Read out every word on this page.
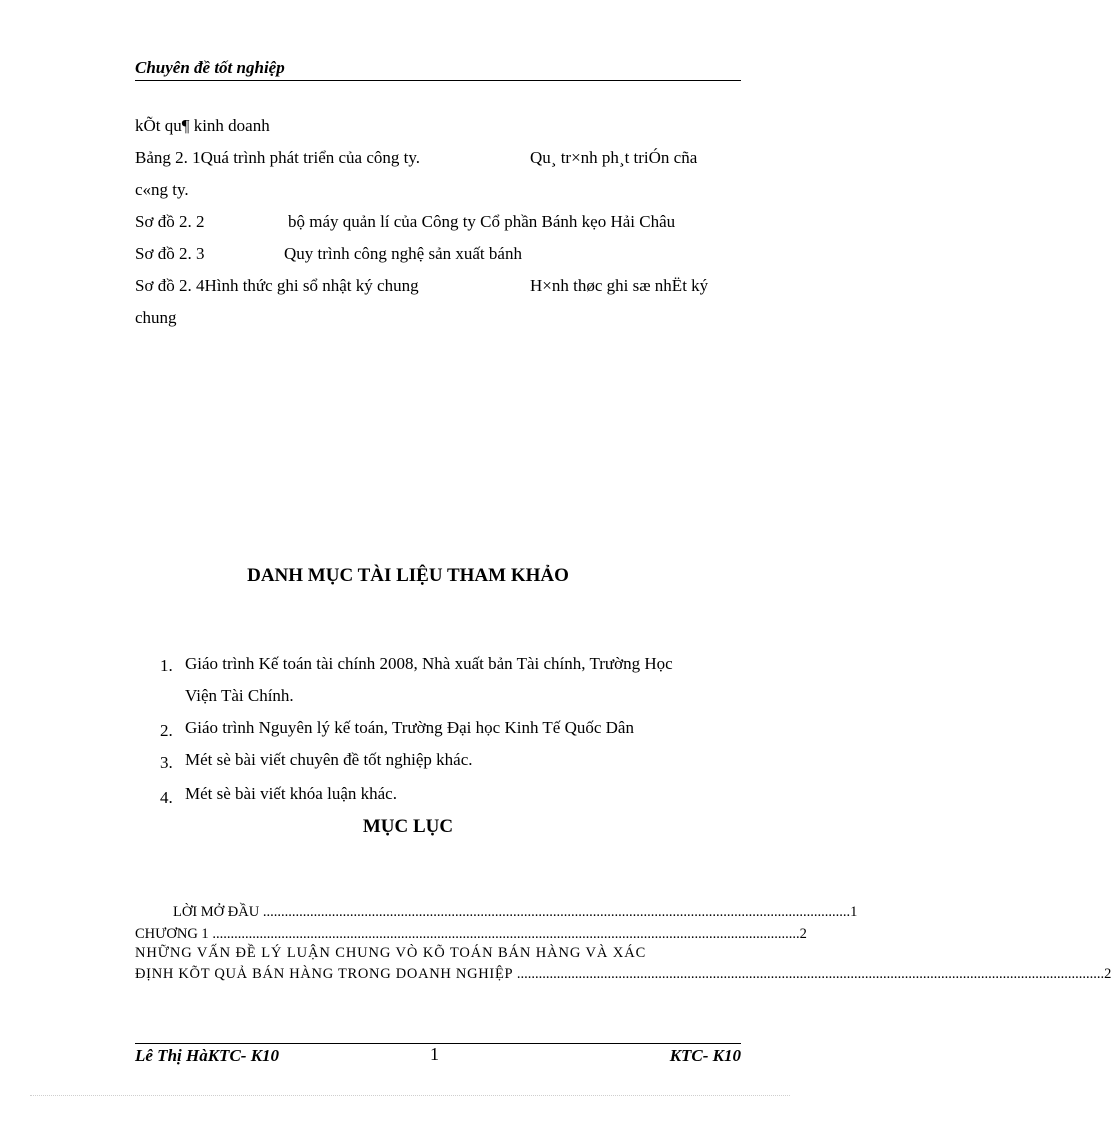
Chuyên đề tốt nghiệp
kÕt qu¶ kinh doanh
Bảng 2. 1Quá trình phát triển của công ty.	Qu¸ tr×nh ph¸t triÓn cña
c«ng ty.
Sơ đồ 2. 2	bộ máy quản lí của Công ty Cổ phần Bánh kẹo Hải Châu
Sơ đồ 2. 3	Quy trình công nghệ sản xuất bánh
Sơ đồ 2. 4Hình thức ghi sổ nhật ký chung	H×nh thøc ghi sæ nhËt ký
chung
DANH MỤC TÀI LIỆU THAM KHẢO
1. Giáo trình Kế toán tài chính 2008, Nhà xuất bản Tài chính, Trường Học
Viện Tài Chính.
2. Giáo trình Nguyên lý kế toán, Trường Đại học Kinh Tế Quốc Dân
3. Mét sè bài viết chuyên đề tốt nghiệp khác.
4. Mét sè bài viết khóa luận khác.
MỤC LỤC
LỜI MỞ ĐẦU .................................................................................................................................................................. 1
CHƯƠNG 1 .................................................................................................................................................................. 2
NHỮNG VẤN ĐỀ LÝ LUẬN CHUNG VÒ KÕ TOÁN BÁN HÀNG VÀ XÁC
ĐỊNH KÕT QUẢ BÁN HÀNG TRONG DOANH NGHIỆP .................................................................................................................................................................. 2
Lê Thị HàKTC- K10	1	KTC- K10
